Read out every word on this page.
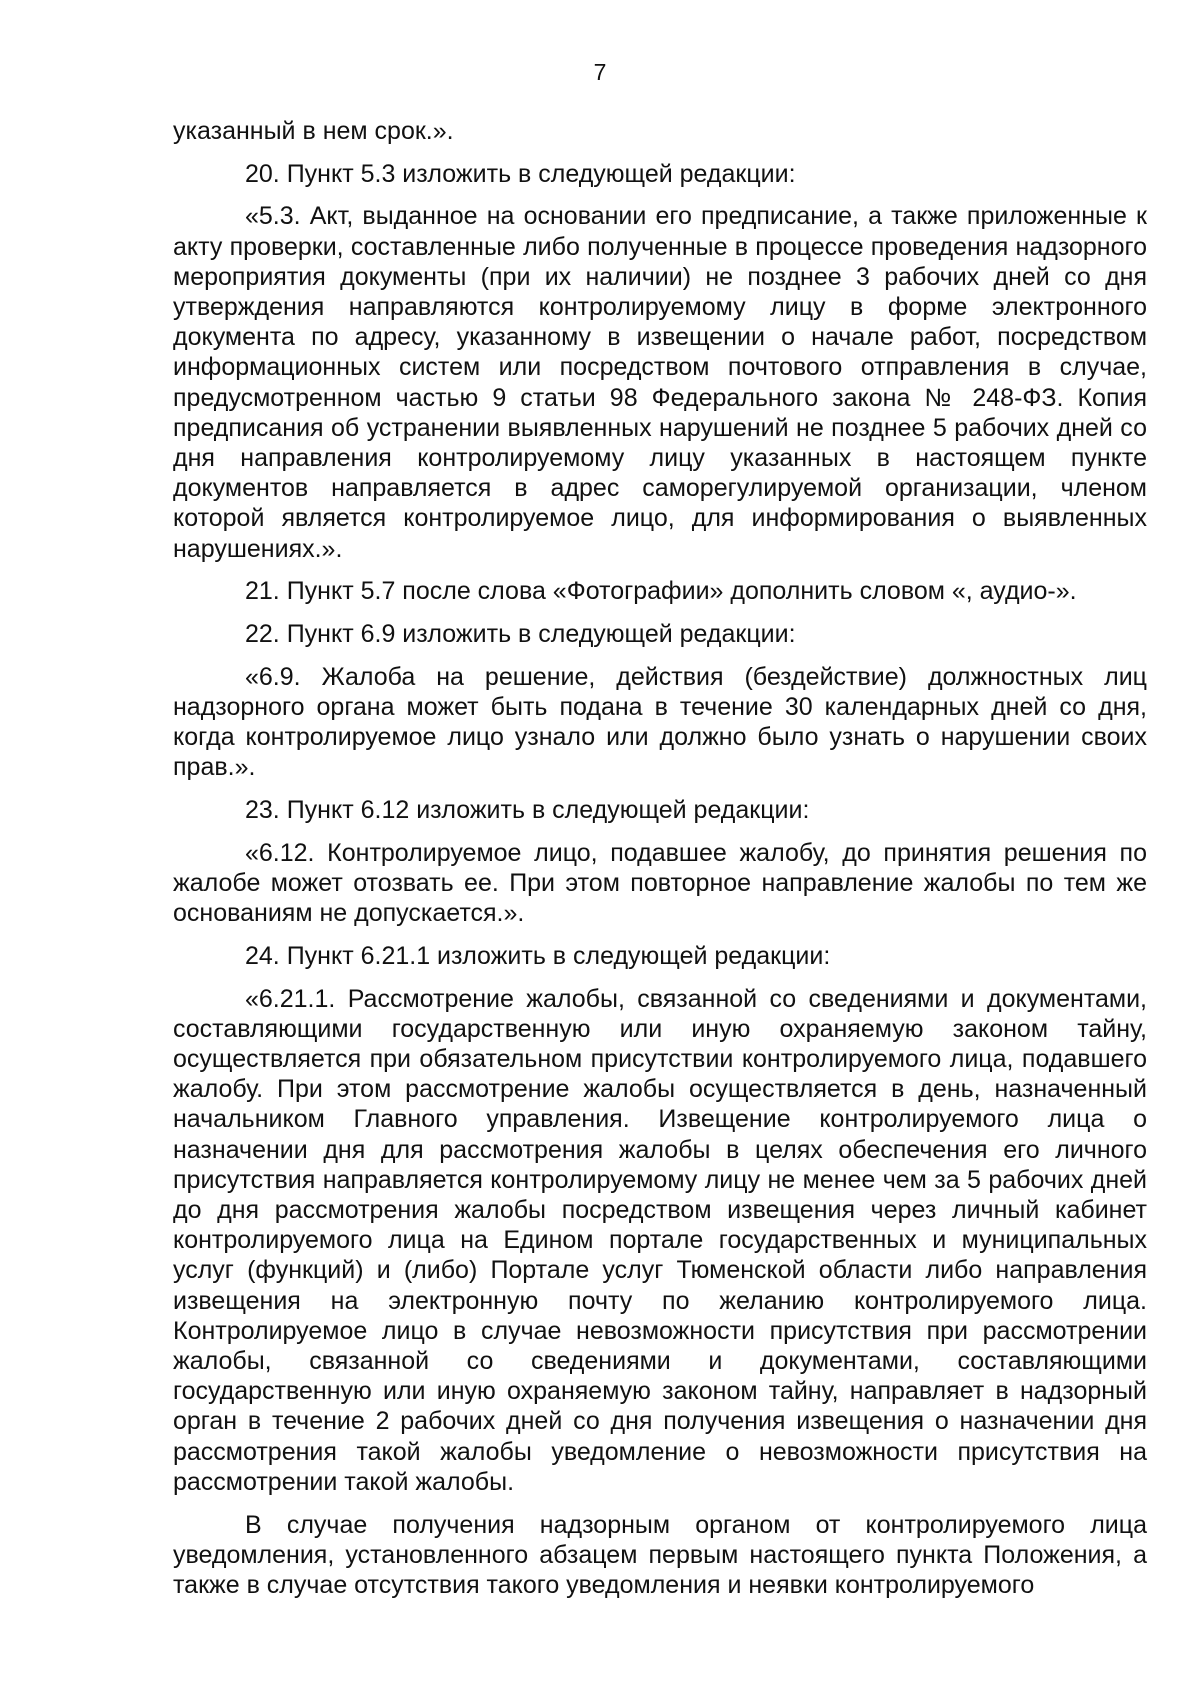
7

указанный в нем срок.».

20. Пункт 5.3 изложить в следующей редакции:

«5.3. Акт, выданное на основании его предписание, а также приложенные к акту проверки, составленные либо полученные в процессе проведения надзорного мероприятия документы (при их наличии) не позднее 3 рабочих дней со дня утверждения направляются контролируемому лицу в форме электронного документа по адресу, указанному в извещении о начале работ, посредством информационных систем или посредством почтового отправления в случае, предусмотренном частью 9 статьи 98 Федерального закона № 248-ФЗ. Копия предписания об устранении выявленных нарушений не позднее 5 рабочих дней со дня направления контролируемому лицу указанных в настоящем пункте документов направляется в адрес саморегулируемой организации, членом которой является контролируемое лицо, для информирования о выявленных нарушениях.».

21. Пункт 5.7 после слова «Фотографии» дополнить словом «, аудио-».

22. Пункт 6.9 изложить в следующей редакции:

«6.9. Жалоба на решение, действия (бездействие) должностных лиц надзорного органа может быть подана в течение 30 календарных дней со дня, когда контролируемое лицо узнало или должно было узнать о нарушении своих прав.».

23. Пункт 6.12 изложить в следующей редакции:

«6.12. Контролируемое лицо, подавшее жалобу, до принятия решения по жалобе может отозвать ее. При этом повторное направление жалобы по тем же основаниям не допускается.».

24. Пункт 6.21.1 изложить в следующей редакции:

«6.21.1. Рассмотрение жалобы, связанной со сведениями и документами, составляющими государственную или иную охраняемую законом тайну, осуществляется при обязательном присутствии контролируемого лица, подавшего жалобу. При этом рассмотрение жалобы осуществляется в день, назначенный начальником Главного управления. Извещение контролируемого лица о назначении дня для рассмотрения жалобы в целях обеспечения его личного присутствия направляется контролируемому лицу не менее чем за 5 рабочих дней до дня рассмотрения жалобы посредством извещения через личный кабинет контролируемого лица на Едином портале государственных и муниципальных услуг (функций) и (либо) Портале услуг Тюменской области либо направления извещения на электронную почту по желанию контролируемого лица. Контролируемое лицо в случае невозможности присутствия при рассмотрении жалобы, связанной со сведениями и документами, составляющими государственную или иную охраняемую законом тайну, направляет в надзорный орган в течение 2 рабочих дней со дня получения извещения о назначении дня рассмотрения такой жалобы уведомление о невозможности присутствия на рассмотрении такой жалобы.

В случае получения надзорным органом от контролируемого лица уведомления, установленного абзацем первым настоящего пункта Положения, а также в случае отсутствия такого уведомления и неявки контролируемого
